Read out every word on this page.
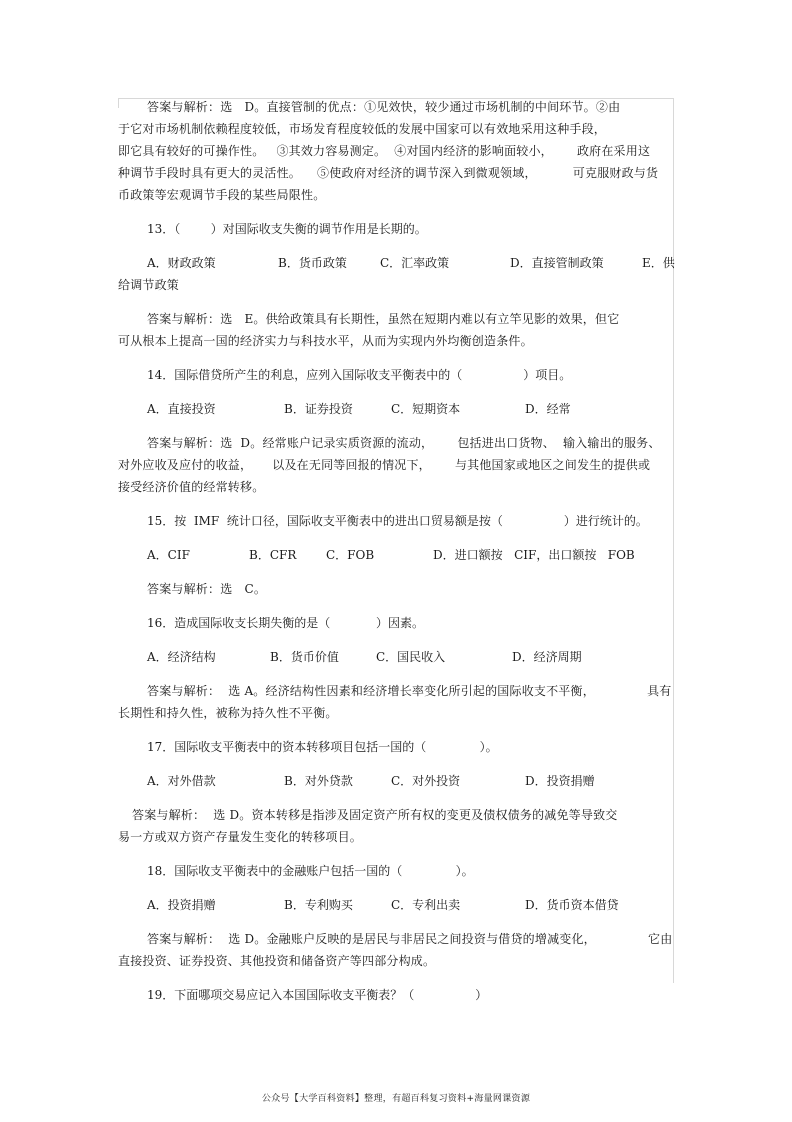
答案与解析：选   D。直接管制的优点：①见效快，较少通过市场机制的中间环节。②由
于它对市场机制依赖程度较低，市场发育程度较低的发展中国家可以有效地采用这种手段，
即它具有较好的可操作性。   ③其效力容易测定。  ④对国内经济的影响面较小，      政府在采用这
种调节手段时具有更大的灵活性。    ⑤使政府对经济的调节深入到微观领域，         可克服财政与货
币政策等宏观调节手段的某些局限性。

13．（        ）对国际收支失衡的调节作用是长期的。

A．财政政策	B．货币政策	C．汇率政策	D．直接管制政策	E．供
给调节政策
答案与解析：选   E。供给政策具有长期性，虽然在短期内难以有立竿见影的效果，但它
可从根本上提高一国的经济实力与科技水平，从而为实现内外均衡创造条件。

14．国际借贷所产生的利息，应列入国际收支平衡表中的（                ）项目。

A．直接投资	B．证券投资	C．短期资本	D．经常
答案与解析：选  D。经常账户记录实质资源的流动，      包括进出口货物、  输入输出的服务、
对外应收及应付的收益，     以及在无同等回报的情况下，      与其他国家或地区之间发生的提供或
接受经济价值的经常转移。

15．按  IMF  统计口径，国际收支平衡表中的进出口贸易额是按（                ）进行统计的。

A．CIF	B．CFR C．FOB	D．进口额按   CIF，出口额按   FOB
答案与解析：选   C。

16．造成国际收支长期失衡的是（            ）因素。

A．经济结构	B．货币价值	C．国民收入	D．经济周期
答案与解析：  选 A。经济结构性因素和经济增长率变化所引起的国际收支不平衡，             具有
长期性和持久性，被称为持久性不平衡。

17．国际收支平衡表中的资本转移项目包括一国的（              ）。

A．对外借款	B．对外贷款	C．对外投资	D．投资捐赠
答案与解析：  选 D。资本转移是指涉及固定资产所有权的变更及债权债务的减免等导致交
易一方或双方资产存量发生变化的转移项目。

18．国际收支平衡表中的金融账户包括一国的（              ）。

A．投资捐赠	B．专利购买	C．专利出卖	D．货币资本借贷
答案与解析：  选 D。金融账户反映的是居民与非居民之间投资与借贷的增减变化，             它由
直接投资、证券投资、其他投资和储备资产等四部分构成。

19．下面哪项交易应记入本国国际收支平衡表？（                ）

公众号【大学百科资料】整理，有超百科复习资料+海量网课资源
